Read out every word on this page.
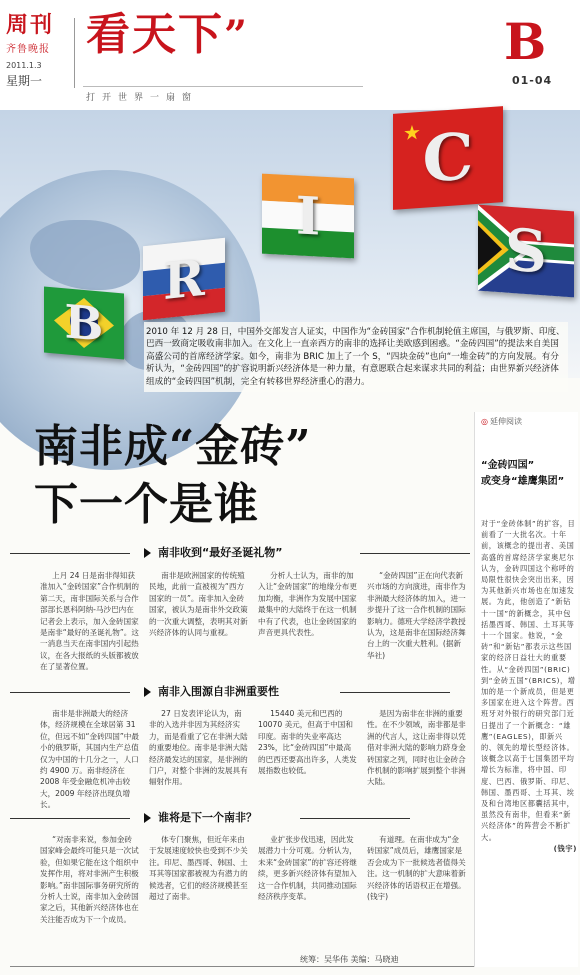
周刊
齐鲁晚报
2011.1.3
星期一
看天下”
打开世界一扇窗
B
01-04
★ C
I	S
R
B	2010 年 12 月 28 日，中国外交部发言人证实，中国作为“金砖国家”合作机制轮值主席国，与俄罗斯、印度、巴西一致商定吸收南非加入。在文化上一直亲西方的南非的选择让美欧感到困惑。“金砖四国”的提法来自美国高盛公司的首席经济学家。如今，南非为 BRIC 加上了一个 S，“四块金砖”也向“一堆金砖”的方向发展。有分析认为，“金砖四国”的扩容说明新兴经济体是一种力量，有意愿联合起来谋求共同的利益；由世界新兴经济体组成的“金砖四国”机制，完全有转移世界经济重心的潜力。
南非成“金砖”
下一个是谁
◎ 延伸阅读
“金砖四国”
或变身“雄鹰集团”

对于“金砖体制”的扩容，目前看了一大批名次。十年前，该概念的提出者、美国高盛的首席经济学家奥尼尔认为，金砖四国这个称呼的局限性很快会突出出来，因为其他新兴市场也在加速发展。为此，他创造了“新钻十一国”的新概念，其中包括墨西哥、韩国、土耳其等十一个国家。他说，“金砖”和“新钻”都表示这些国家的经济日益壮大的重要性。从“金砖四国”(BRIC)到“金砖五国”(BRICS)，增加的是一个新成员，但是更多国家在进入这个阵营。西班牙对外银行的研究部门近日提出了一个新概念：“雄鹰”(EAGLES)，即新兴的、领先的增长型经济体。该概念以高于七国集团平均增长为标准，将中国、印度、巴西、俄罗斯、印尼、韩国、墨西哥、土耳其、埃及和台湾地区都囊括其中，虽然没有南非，但看来“新兴经济体”的阵营会不断扩大。

(钱宇)

南非收到“最好圣诞礼物”

上月 24 日是南非得知获准加入“金砖国家”合作机制的第二天，南非国际关系与合作部部长恩科阿纳-马沙巴内在记者会上表示，加入金砖国家是南非“最好的圣诞礼物”。这一消息当天在南非国内引起热议，在各大报纸的头版都被放在了显著位置。

南非是欧洲国家的传统殖民地，此前一直被视为“西方国家的一员”。南非加入金砖国家，被认为是南非外交政策的一次重大调整，表明其对新兴经济体的认同与重视。

分析人士认为，南非的加入让“金砖国家”的地缘分布更加均衡，非洲作为发展中国家最集中的大陆终于在这一机制中有了代表，也让金砖国家的声音更具代表性。

“金砖四国”正在向代表新兴市场的方向演进，南非作为非洲最大经济体的加入，进一步提升了这一合作机制的国际影响力。德班大学经济学教授认为，这是南非在国际经济舞台上的一次重大胜利。(据新华社)

南非入围源自非洲重要性

南非是非洲最大的经济体，经济规模在全球居第 31 位，但远不如“金砖四国”中最小的俄罗斯，其国内生产总值仅为中国的十几分之一，人口约 4900 万。南非经济在 2008 年受金融危机冲击较大，2009 年经济出现负增长。

27 日发表评论认为，南非的入选并非因为其经济实力，而是看重了它在非洲大陆的重要地位。南非是非洲大陆经济最发达的国家，是非洲的门户，对整个非洲的发展具有辐射作用。

15440 美元和巴西的 10070 美元，但高于中国和印度。南非的失业率高达 23%，比“金砖四国”中最高的巴西还要高出许多，人类发展指数也较低。

是因为南非在非洲的重要性。在不少领域，南非都是非洲的代言人，这让南非得以凭借对非洲大陆的影响力跻身金砖国家之列，同时也让金砖合作机制的影响扩展到整个非洲大陆。

谁将是下一个南非？

“对南非来说，参加金砖国家峰会最终可能只是一次试验，但如果它能在这个组织中发挥作用，将对非洲产生积极影响。”南非国际事务研究所的分析人士说，南非加入金砖国家之后，其他新兴经济体也在关注能否成为下一个成员。

体专门聚焦，但近年来由于发展速度较快也受到不少关注。印尼、墨西哥、韩国、土耳其等国家都被视为有潜力的候选者，它们的经济规模甚至超过了南非。

业扩张步伐迅速，因此发展潜力十分可观。分析认为，未来“金砖国家”的扩容还将继续，更多新兴经济体有望加入这一合作机制，共同推动国际经济秩序变革。

有道理。在南非成为“金砖国家”成员后，雄鹰国家是否会成为下一批候选者值得关注。这一机制的扩大意味着新兴经济体的话语权正在增强。(钱宇)

统筹：吴华伟 美编：马晓迪
